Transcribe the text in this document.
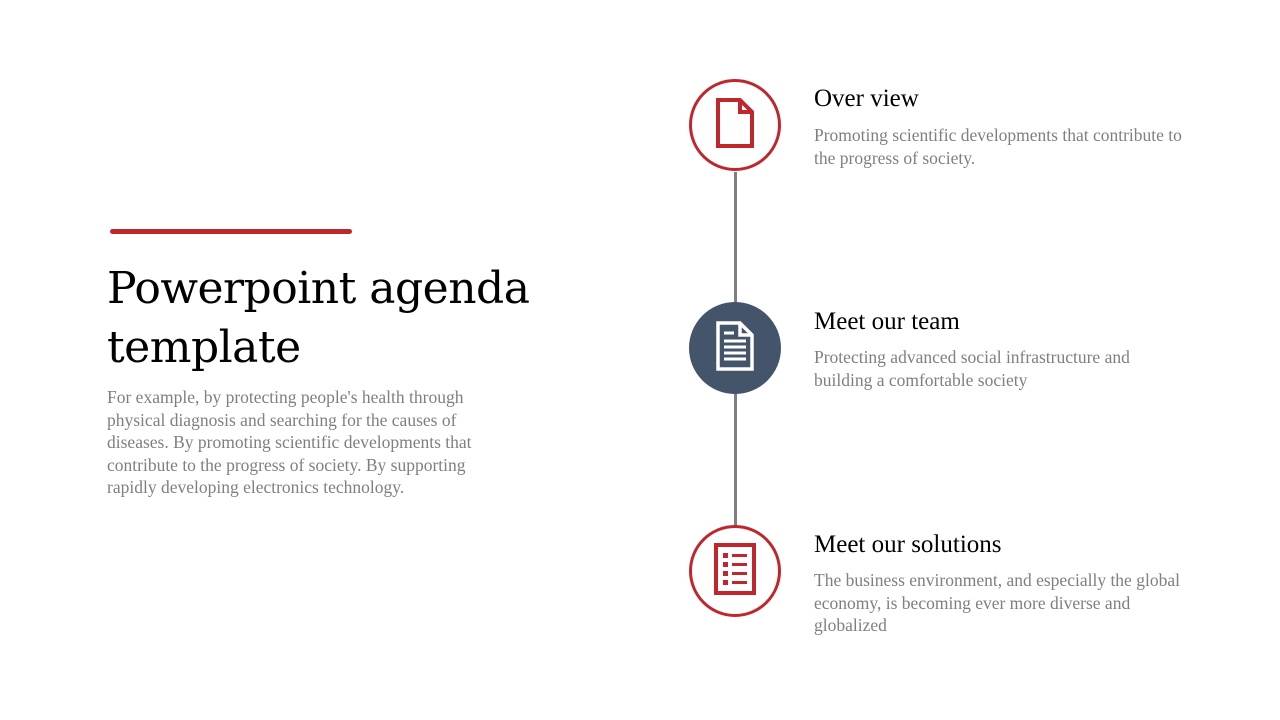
Powerpoint agenda template

For example, by protecting people's health through physical diagnosis and searching for the causes of diseases. By promoting scientific developments that contribute to the progress of society. By supporting rapidly developing electronics technology.

Over view

Promoting scientific developments that contribute to the progress of society.

Meet our team

Protecting advanced social infrastructure and building a comfortable society

Meet our solutions

The business environment, and especially the global economy, is becoming ever more diverse and globalized
